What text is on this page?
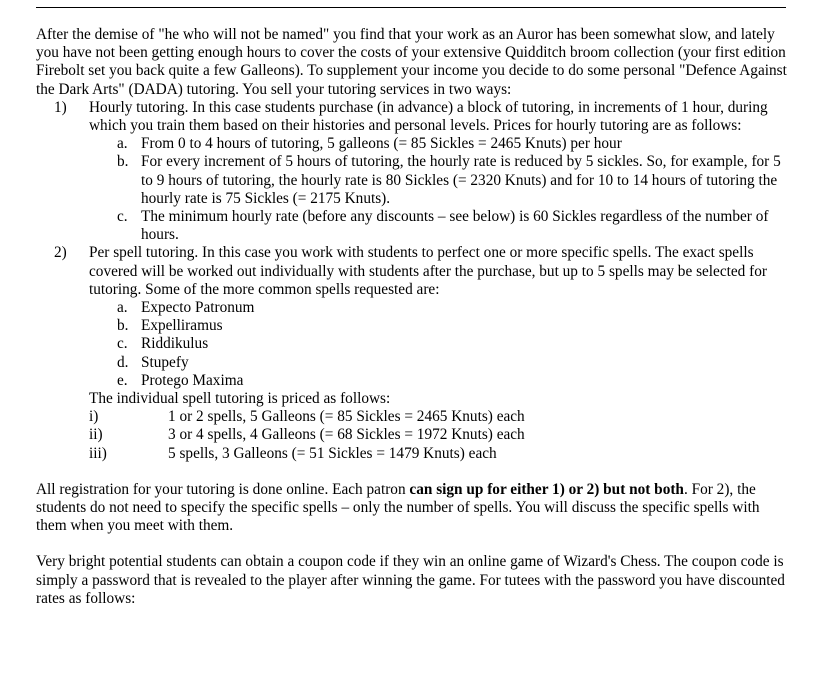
After the demise of "he who will not be named" you find that your work as an Auror has been somewhat slow, and lately you have not been getting enough hours to cover the costs of your extensive Quidditch broom collection (your first edition Firebolt set you back quite a few Galleons). To supplement your income you decide to do some personal "Defence Against the Dark Arts" (DADA) tutoring. You sell your tutoring services in two ways:

1) Hourly tutoring. In this case students purchase (in advance) a block of tutoring, in increments of 1 hour, during which you train them based on their histories and personal levels. Prices for hourly tutoring are as follows:
a. From 0 to 4 hours of tutoring, 5 galleons (= 85 Sickles = 2465 Knuts) per hour
b. For every increment of 5 hours of tutoring, the hourly rate is reduced by 5 sickles. So, for example, for 5 to 9 hours of tutoring, the hourly rate is 80 Sickles (= 2320 Knuts) and for 10 to 14 hours of tutoring the hourly rate is 75 Sickles (= 2175 Knuts).
c. The minimum hourly rate (before any discounts – see below) is 60 Sickles regardless of the number of hours.
2) Per spell tutoring. In this case you work with students to perfect one or more specific spells. The exact spells covered will be worked out individually with students after the purchase, but up to 5 spells may be selected for tutoring. Some of the more common spells requested are:
a. Expecto Patronum
b. Expelliramus
c. Riddikulus
d. Stupefy
e. Protego Maxima

The individual spell tutoring is priced as follows:

i)	1 or 2 spells, 5 Galleons (= 85 Sickles = 2465 Knuts) each
ii)	3 or 4 spells, 4 Galleons (= 68 Sickles = 1972 Knuts) each
iii)	5 spells, 3 Galleons (= 51 Sickles = 1479 Knuts) each

All registration for your tutoring is done online. Each patron can sign up for either 1) or 2) but not both. For 2), the students do not need to specify the specific spells – only the number of spells. You will discuss the specific spells with them when you meet with them.

Very bright potential students can obtain a coupon code if they win an online game of Wizard's Chess. The coupon code is simply a password that is revealed to the player after winning the game. For tutees with the password you have discounted rates as follows:
